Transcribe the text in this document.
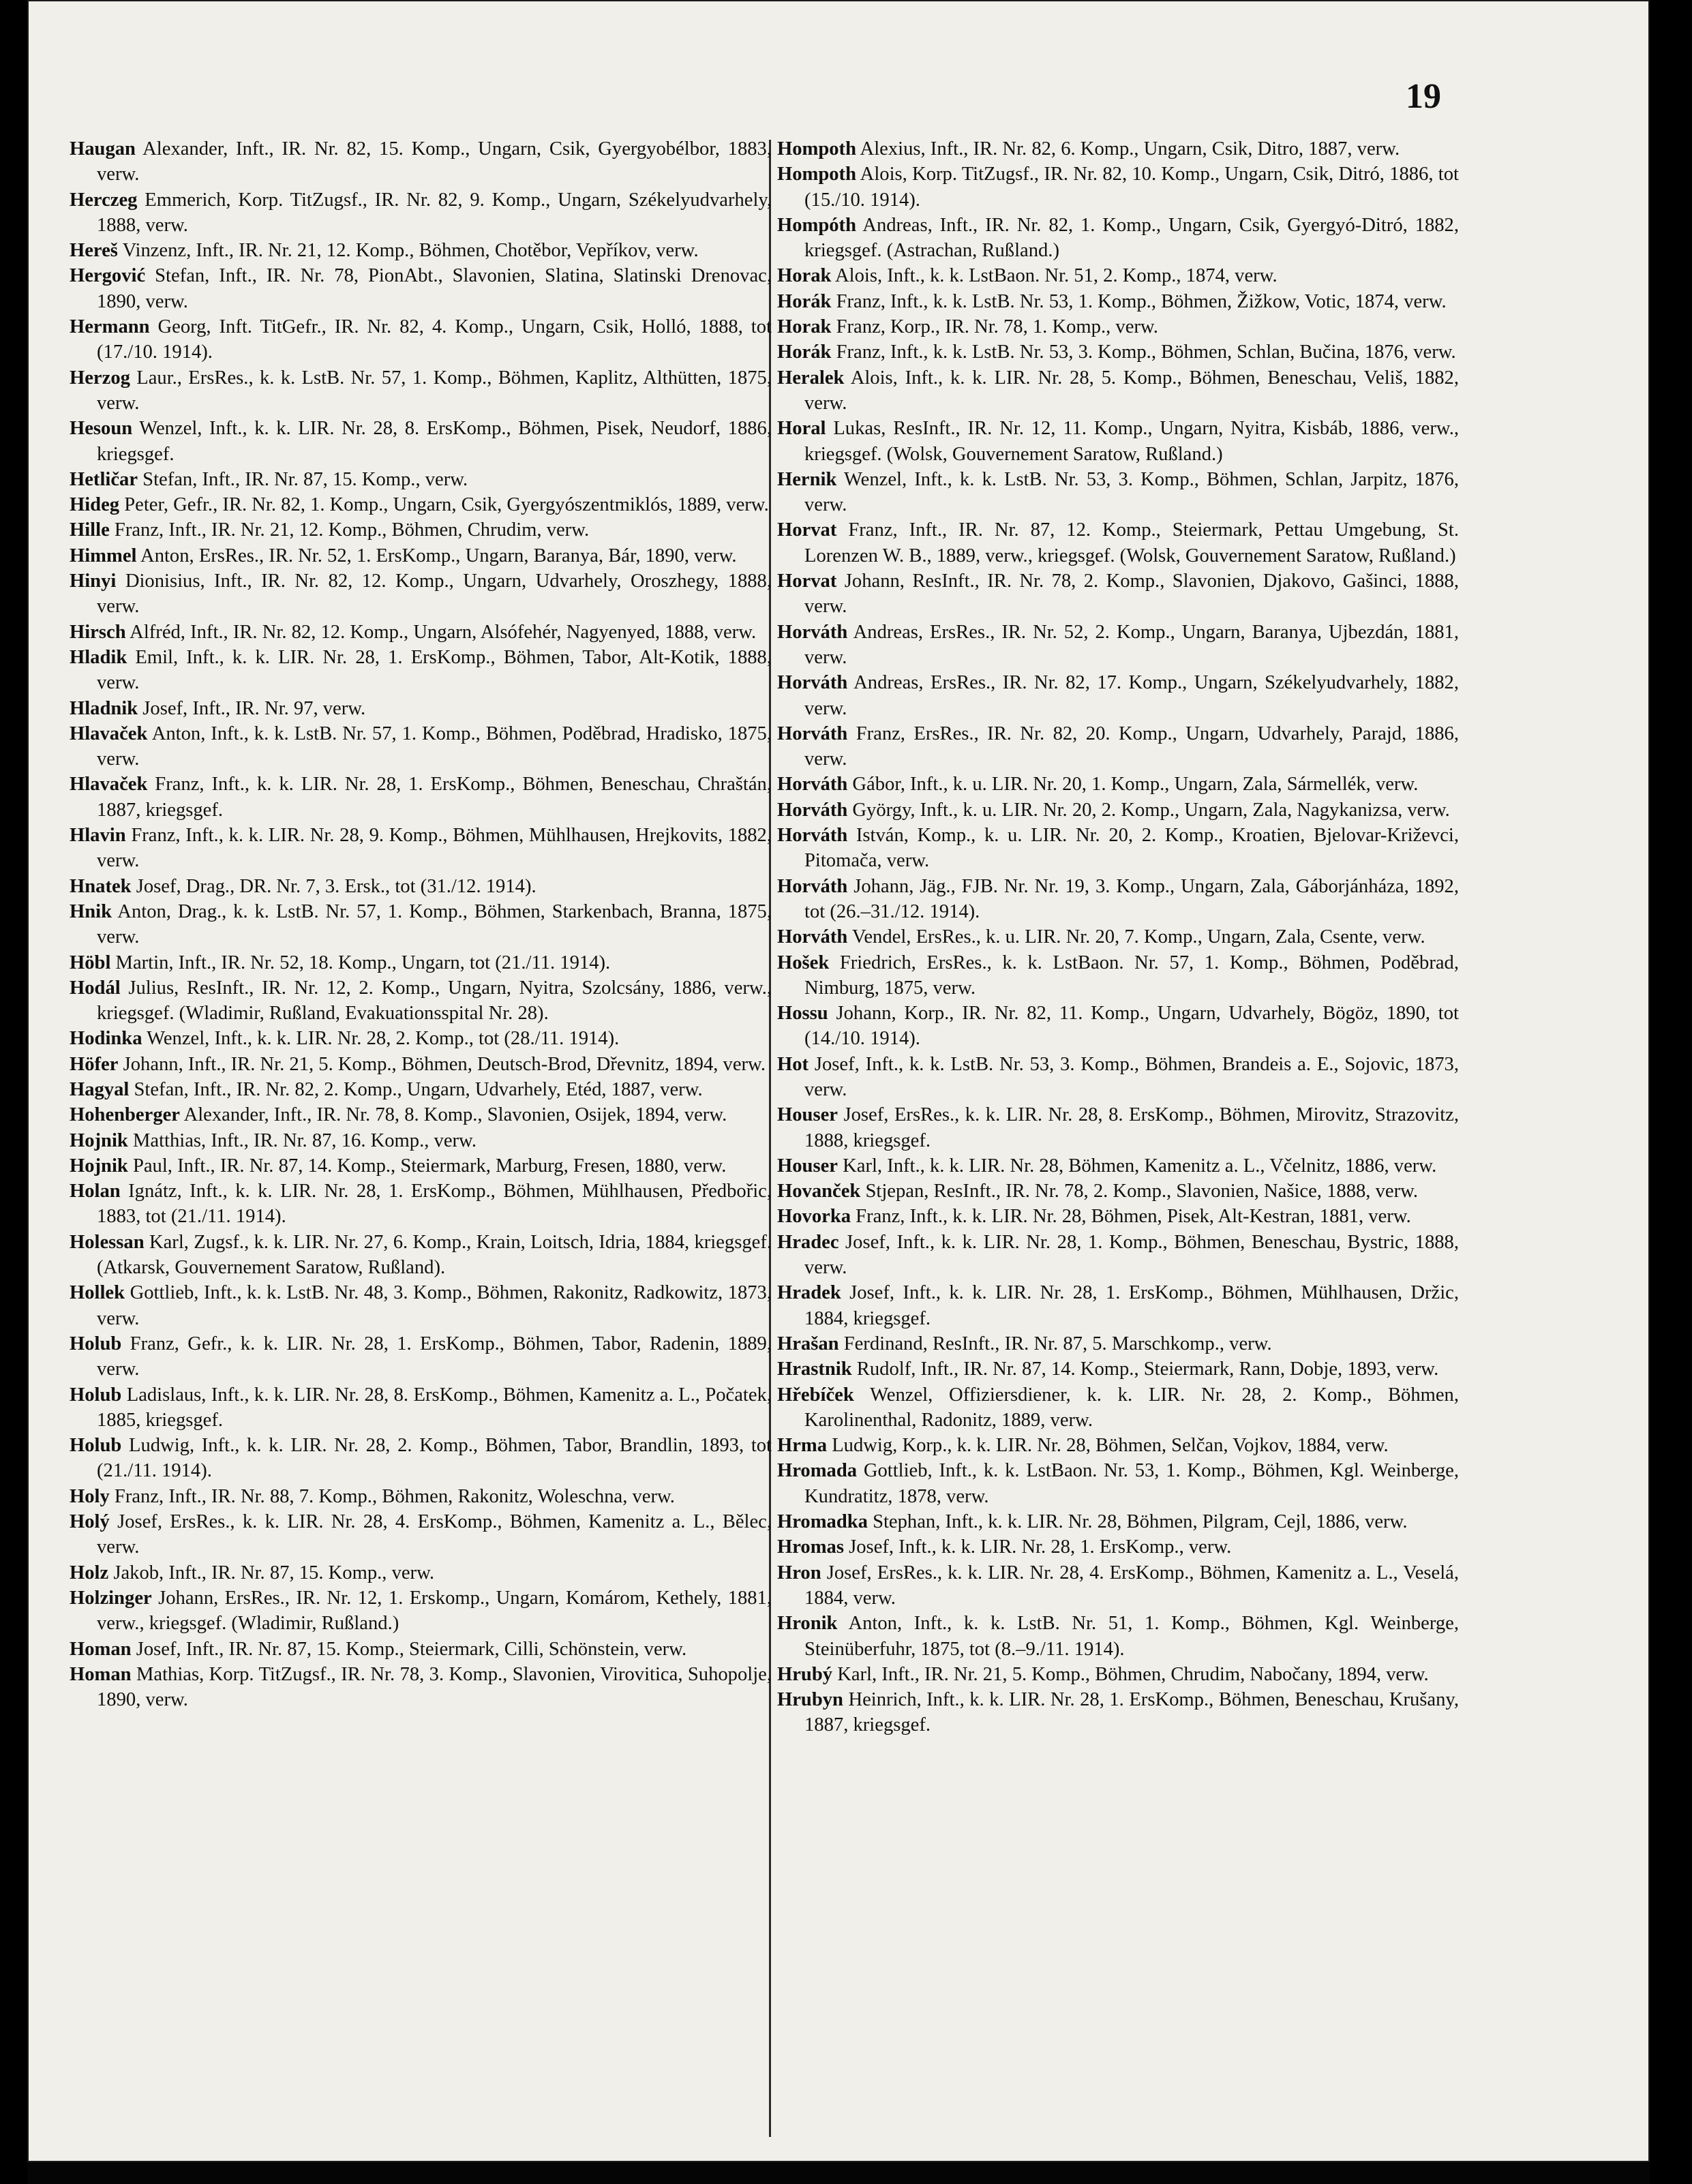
19

Haugan Alexander, Inft., IR. Nr. 82, 15. Komp., Ungarn, Csik, Gyergyobélbor, 1883, verw.

Herczeg Emmerich, Korp. TitZugsf., IR. Nr. 82, 9. Komp., Ungarn, Székelyudvarhely, 1888, verw.

Hereš Vinzenz, Inft., IR. Nr. 21, 12. Komp., Böhmen, Chotěbor, Vepříkov, verw.

Hergović Stefan, Inft., IR. Nr. 78, PionAbt., Slavonien, Slatina, Slatinski Drenovac, 1890, verw.

Hermann Georg, Inft. TitGefr., IR. Nr. 82, 4. Komp., Ungarn, Csik, Holló, 1888, tot (17./10. 1914).

Herzog Laur., ErsRes., k. k. LstB. Nr. 57, 1. Komp., Böhmen, Kaplitz, Althütten, 1875, verw.

Hesoun Wenzel, Inft., k. k. LIR. Nr. 28, 8. ErsKomp., Böhmen, Pisek, Neudorf, 1886, kriegsgef.

Hetličar Stefan, Inft., IR. Nr. 87, 15. Komp., verw.

Hideg Peter, Gefr., IR. Nr. 82, 1. Komp., Ungarn, Csik, Gyergyószentmiklós, 1889, verw.

Hille Franz, Inft., IR. Nr. 21, 12. Komp., Böhmen, Chrudim, verw.

Himmel Anton, ErsRes., IR. Nr. 52, 1. ErsKomp., Ungarn, Baranya, Bár, 1890, verw.

Hinyi Dionisius, Inft., IR. Nr. 82, 12. Komp., Ungarn, Udvarhely, Oroszhegy, 1888, verw.

Hirsch Alfréd, Inft., IR. Nr. 82, 12. Komp., Ungarn, Alsófehér, Nagyenyed, 1888, verw.

Hladik Emil, Inft., k. k. LIR. Nr. 28, 1. ErsKomp., Böhmen, Tabor, Alt-Kotik, 1888, verw.

Hladnik Josef, Inft., IR. Nr. 97, verw.

Hlavaček Anton, Inft., k. k. LstB. Nr. 57, 1. Komp., Böhmen, Poděbrad, Hradisko, 1875, verw.

Hlavaček Franz, Inft., k. k. LIR. Nr. 28, 1. ErsKomp., Böhmen, Beneschau, Chraštán, 1887, kriegsgef.

Hlavin Franz, Inft., k. k. LIR. Nr. 28, 9. Komp., Böhmen, Mühlhausen, Hrejkovits, 1882, verw.

Hnatek Josef, Drag., DR. Nr. 7, 3. Ersk., tot (31./12. 1914).

Hnik Anton, Drag., k. k. LstB. Nr. 57, 1. Komp., Böhmen, Starkenbach, Branna, 1875, verw.

Höbl Martin, Inft., IR. Nr. 52, 18. Komp., Ungarn, tot (21./11. 1914).

Hodál Julius, ResInft., IR. Nr. 12, 2. Komp., Ungarn, Nyitra, Szolcsány, 1886, verw., kriegsgef. (Wladimir, Rußland, Evakuationsspital Nr. 28).

Hodinka Wenzel, Inft., k. k. LIR. Nr. 28, 2. Komp., tot (28./11. 1914).

Höfer Johann, Inft., IR. Nr. 21, 5. Komp., Böhmen, Deutsch-Brod, Dřevnitz, 1894, verw.

Hagyal Stefan, Inft., IR. Nr. 82, 2. Komp., Ungarn, Udvarhely, Etéd, 1887, verw.

Hohenberger Alexander, Inft., IR. Nr. 78, 8. Komp., Slavonien, Osijek, 1894, verw.

Hojnik Matthias, Inft., IR. Nr. 87, 16. Komp., verw.

Hojnik Paul, Inft., IR. Nr. 87, 14. Komp., Steiermark, Marburg, Fresen, 1880, verw.

Holan Ignátz, Inft., k. k. LIR. Nr. 28, 1. ErsKomp., Böhmen, Mühlhausen, Předbořic, 1883, tot (21./11. 1914).

Holessan Karl, Zugsf., k. k. LIR. Nr. 27, 6. Komp., Krain, Loitsch, Idria, 1884, kriegsgef. (Atkarsk, Gouvernement Saratow, Rußland).

Hollek Gottlieb, Inft., k. k. LstB. Nr. 48, 3. Komp., Böhmen, Rakonitz, Radkowitz, 1873, verw.

Holub Franz, Gefr., k. k. LIR. Nr. 28, 1. ErsKomp., Böhmen, Tabor, Radenin, 1889, verw.

Holub Ladislaus, Inft., k. k. LIR. Nr. 28, 8. ErsKomp., Böhmen, Kamenitz a. L., Počatek, 1885, kriegsgef.

Holub Ludwig, Inft., k. k. LIR. Nr. 28, 2. Komp., Böhmen, Tabor, Brandlin, 1893, tot (21./11. 1914).

Holy Franz, Inft., IR. Nr. 88, 7. Komp., Böhmen, Rakonitz, Woleschna, verw.

Holý Josef, ErsRes., k. k. LIR. Nr. 28, 4. ErsKomp., Böhmen, Kamenitz a. L., Bělec, verw.

Holz Jakob, Inft., IR. Nr. 87, 15. Komp., verw.

Holzinger Johann, ErsRes., IR. Nr. 12, 1. Erskomp., Ungarn, Komárom, Kethely, 1881, verw., kriegsgef. (Wladimir, Rußland.)

Homan Josef, Inft., IR. Nr. 87, 15. Komp., Steiermark, Cilli, Schönstein, verw.

Homan Mathias, Korp. TitZugsf., IR. Nr. 78, 3. Komp., Slavonien, Virovitica, Suhopolje, 1890, verw.

Hompoth Alexius, Inft., IR. Nr. 82, 6. Komp., Ungarn, Csik, Ditro, 1887, verw.

Hompoth Alois, Korp. TitZugsf., IR. Nr. 82, 10. Komp., Ungarn, Csik, Ditró, 1886, tot (15./10. 1914).

Hompóth Andreas, Inft., IR. Nr. 82, 1. Komp., Ungarn, Csik, Gyergyó-Ditró, 1882, kriegsgef. (Astrachan, Rußland.)

Horak Alois, Inft., k. k. LstBaon. Nr. 51, 2. Komp., 1874, verw.

Horák Franz, Inft., k. k. LstB. Nr. 53, 1. Komp., Böhmen, Žižkow, Votic, 1874, verw.

Horak Franz, Korp., IR. Nr. 78, 1. Komp., verw.

Horák Franz, Inft., k. k. LstB. Nr. 53, 3. Komp., Böhmen, Schlan, Bučina, 1876, verw.

Heralek Alois, Inft., k. k. LIR. Nr. 28, 5. Komp., Böhmen, Beneschau, Veliš, 1882, verw.

Horal Lukas, ResInft., IR. Nr. 12, 11. Komp., Ungarn, Nyitra, Kisbáb, 1886, verw., kriegsgef. (Wolsk, Gouvernement Saratow, Rußland.)

Hernik Wenzel, Inft., k. k. LstB. Nr. 53, 3. Komp., Böhmen, Schlan, Jarpitz, 1876, verw.

Horvat Franz, Inft., IR. Nr. 87, 12. Komp., Steiermark, Pettau Umgebung, St. Lorenzen W. B., 1889, verw., kriegsgef. (Wolsk, Gouvernement Saratow, Rußland.)

Horvat Johann, ResInft., IR. Nr. 78, 2. Komp., Slavonien, Djakovo, Gašinci, 1888, verw.

Horváth Andreas, ErsRes., IR. Nr. 52, 2. Komp., Ungarn, Baranya, Ujbezdán, 1881, verw.

Horváth Andreas, ErsRes., IR. Nr. 82, 17. Komp., Ungarn, Székelyudvarhely, 1882, verw.

Horváth Franz, ErsRes., IR. Nr. 82, 20. Komp., Ungarn, Udvarhely, Parajd, 1886, verw.

Horváth Gábor, Inft., k. u. LIR. Nr. 20, 1. Komp., Ungarn, Zala, Sármellék, verw.

Horváth György, Inft., k. u. LIR. Nr. 20, 2. Komp., Ungarn, Zala, Nagykanizsa, verw.

Horváth István, Komp., k. u. LIR. Nr. 20, 2. Komp., Kroatien, Bjelovar-Križevci, Pitomača, verw.

Horváth Johann, Jäg., FJB. Nr. Nr. 19, 3. Komp., Ungarn, Zala, Gáborjánháza, 1892, tot (26.–31./12. 1914).

Horváth Vendel, ErsRes., k. u. LIR. Nr. 20, 7. Komp., Ungarn, Zala, Csente, verw.

Hošek Friedrich, ErsRes., k. k. LstBaon. Nr. 57, 1. Komp., Böhmen, Poděbrad, Nimburg, 1875, verw.

Hossu Johann, Korp., IR. Nr. 82, 11. Komp., Ungarn, Udvarhely, Bögöz, 1890, tot (14./10. 1914).

Hot Josef, Inft., k. k. LstB. Nr. 53, 3. Komp., Böhmen, Brandeis a. E., Sojovic, 1873, verw.

Houser Josef, ErsRes., k. k. LIR. Nr. 28, 8. ErsKomp., Böhmen, Mirovitz, Strazovitz, 1888, kriegsgef.

Houser Karl, Inft., k. k. LIR. Nr. 28, Böhmen, Kamenitz a. L., Včelnitz, 1886, verw.

Hovanček Stjepan, ResInft., IR. Nr. 78, 2. Komp., Slavonien, Našice, 1888, verw.

Hovorka Franz, Inft., k. k. LIR. Nr. 28, Böhmen, Pisek, Alt-Kestran, 1881, verw.

Hradec Josef, Inft., k. k. LIR. Nr. 28, 1. Komp., Böhmen, Beneschau, Bystric, 1888, verw.

Hradek Josef, Inft., k. k. LIR. Nr. 28, 1. ErsKomp., Böhmen, Mühlhausen, Držic, 1884, kriegsgef.

Hrašan Ferdinand, ResInft., IR. Nr. 87, 5. Marschkomp., verw.

Hrastnik Rudolf, Inft., IR. Nr. 87, 14. Komp., Steiermark, Rann, Dobje, 1893, verw.

Hřebíček Wenzel, Offiziersdiener, k. k. LIR. Nr. 28, 2. Komp., Böhmen, Karolinenthal, Radonitz, 1889, verw.

Hrma Ludwig, Korp., k. k. LIR. Nr. 28, Böhmen, Selčan, Vojkov, 1884, verw.

Hromada Gottlieb, Inft., k. k. LstBaon. Nr. 53, 1. Komp., Böhmen, Kgl. Weinberge, Kundratitz, 1878, verw.

Hromadka Stephan, Inft., k. k. LIR. Nr. 28, Böhmen, Pilgram, Cejl, 1886, verw.

Hromas Josef, Inft., k. k. LIR. Nr. 28, 1. ErsKomp., verw.

Hron Josef, ErsRes., k. k. LIR. Nr. 28, 4. ErsKomp., Böhmen, Kamenitz a. L., Veselá, 1884, verw.

Hronik Anton, Inft., k. k. LstB. Nr. 51, 1. Komp., Böhmen, Kgl. Weinberge, Steinüberfuhr, 1875, tot (8.–9./11. 1914).

Hrubý Karl, Inft., IR. Nr. 21, 5. Komp., Böhmen, Chrudim, Nabočany, 1894, verw.

Hrubyn Heinrich, Inft., k. k. LIR. Nr. 28, 1. ErsKomp., Böhmen, Beneschau, Krušany, 1887, kriegsgef.
